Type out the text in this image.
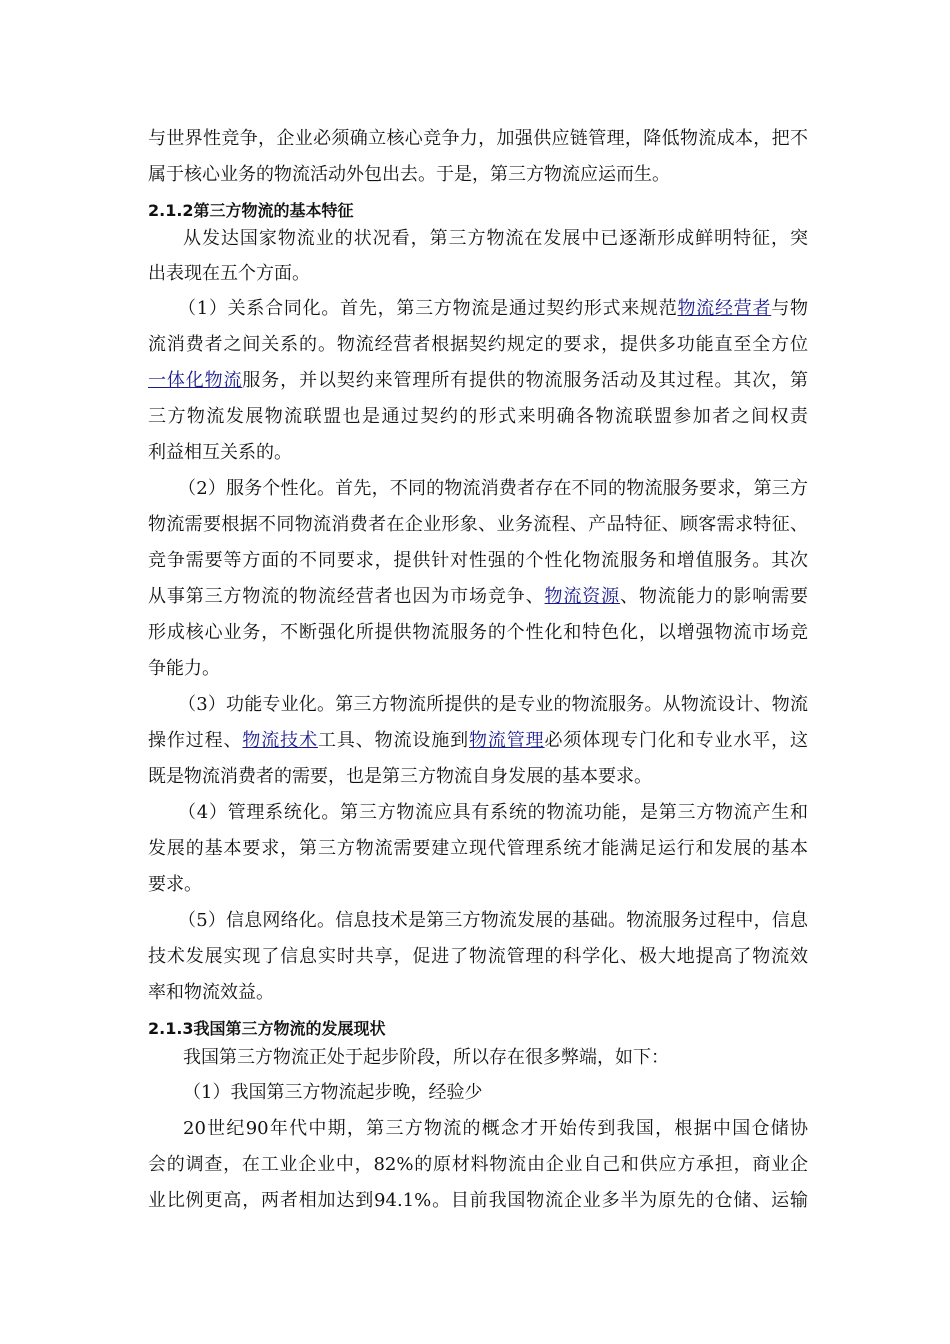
与世界性竞争，企业必须确立核心竞争力，加强供应链管理，降低物流成本，把不
属于核心业务的物流活动外包出去。于是，第三方物流应运而生。
2.1.2第三方物流的基本特征
从发达国家物流业的状况看，第三方物流在发展中已逐渐形成鲜明特征，突
出表现在五个方面。
（1）关系合同化。首先，第三方物流是通过契约形式来规范物流经营者与物
流消费者之间关系的。物流经营者根据契约规定的要求，提供多功能直至全方位
一体化物流服务，并以契约来管理所有提供的物流服务活动及其过程。其次，第
三方物流发展物流联盟也是通过契约的形式来明确各物流联盟参加者之间权责
利益相互关系的。
（2）服务个性化。首先，不同的物流消费者存在不同的物流服务要求，第三方
物流需要根据不同物流消费者在企业形象、业务流程、产品特征、顾客需求特征、
竞争需要等方面的不同要求，提供针对性强的个性化物流服务和增值服务。其次
从事第三方物流的物流经营者也因为市场竞争、物流资源、物流能力的影响需要
形成核心业务，不断强化所提供物流服务的个性化和特色化，以增强物流市场竞
争能力。
（3）功能专业化。第三方物流所提供的是专业的物流服务。从物流设计、物流
操作过程、物流技术工具、物流设施到物流管理必须体现专门化和专业水平，这
既是物流消费者的需要，也是第三方物流自身发展的基本要求。
（4）管理系统化。第三方物流应具有系统的物流功能，是第三方物流产生和
发展的基本要求，第三方物流需要建立现代管理系统才能满足运行和发展的基本
要求。
（5）信息网络化。信息技术是第三方物流发展的基础。物流服务过程中，信息
技术发展实现了信息实时共享，促进了物流管理的科学化、极大地提高了物流效
率和物流效益。
2.1.3我国第三方物流的发展现状
我国第三方物流正处于起步阶段，所以存在很多弊端，如下：
（1）我国第三方物流起步晚，经验少
20世纪90年代中期，第三方物流的概念才开始传到我国，根据中国仓储协
会的调查，在工业企业中，82%的原材料物流由企业自己和供应方承担，商业企
业比例更高，两者相加达到94.1%。目前我国物流企业多半为原先的仓储、运输
